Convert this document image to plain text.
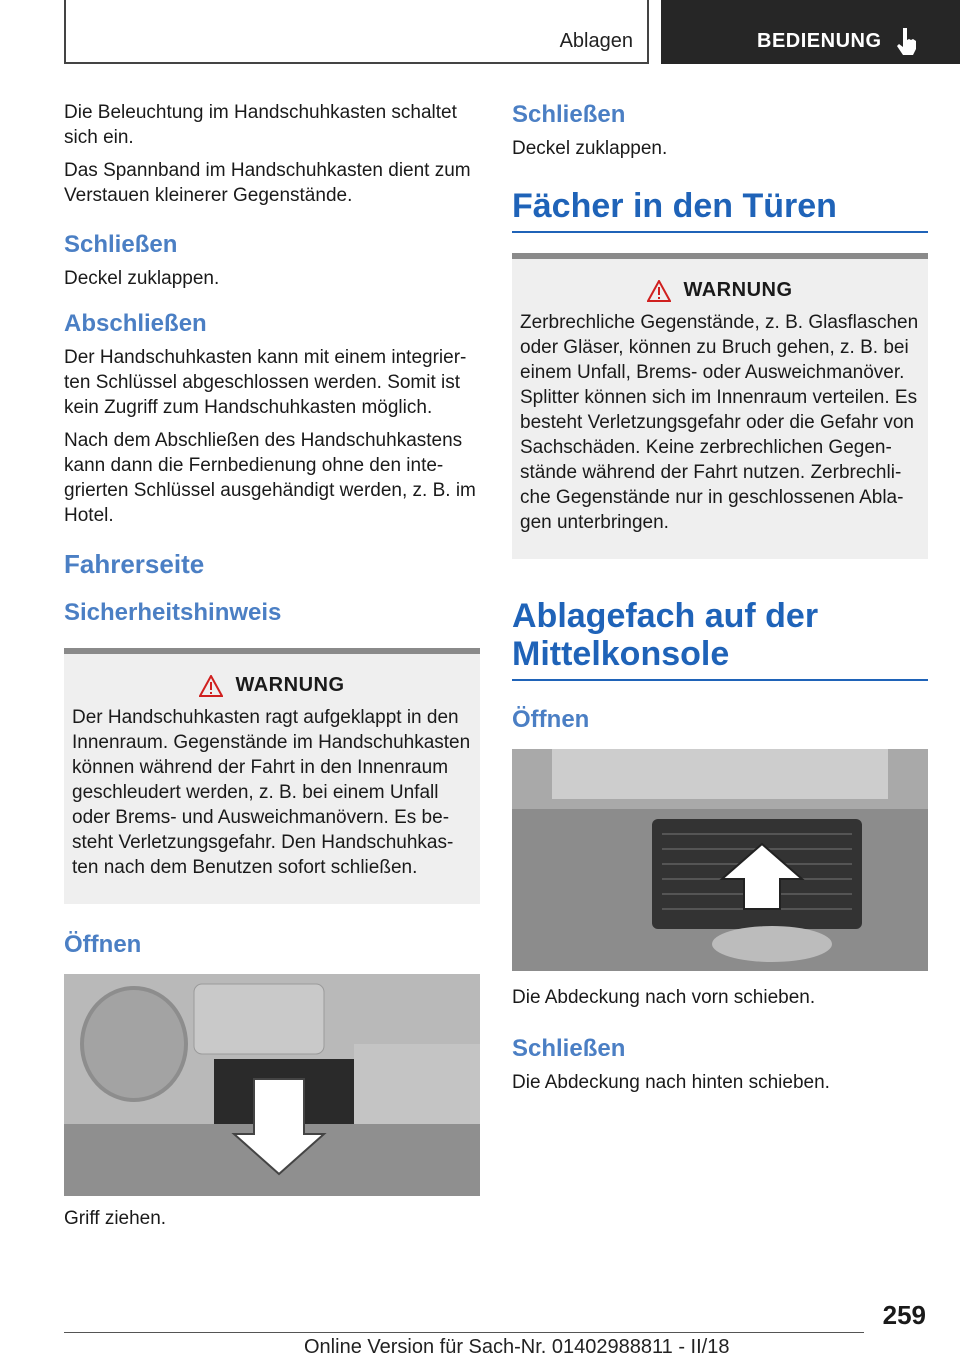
Ablagen	BEDIENUNG

Die Beleuchtung im Handschuhkasten schaltet sich ein.

Das Spannband im Handschuhkasten dient zum Verstauen kleinerer Gegenstände.

Schließen

Deckel zuklappen.

Abschließen

Der Handschuhkasten kann mit einem integrierten Schlüssel abgeschlossen werden. Somit ist kein Zugriff zum Handschuhkasten möglich.

Nach dem Abschließen des Handschuhkastens kann dann die Fernbedienung ohne den integrierten Schlüssel ausgehändigt werden, z. B. im Hotel.

Fahrerseite
Sicherheitshinweis
WARNUNG

Der Handschuhkasten ragt aufgeklappt in den Innenraum. Gegenstände im Handschuhkasten können während der Fahrt in den Innenraum geschleudert werden, z. B. bei einem Unfall oder Brems- und Ausweichmanövern. Es besteht Verletzungsgefahr. Den Handschuhkasten nach dem Benutzen sofort schließen.

Öffnen

Griff ziehen.

Schließen

Deckel zuklappen.

Fächer in den Türen
WARNUNG

Zerbrechliche Gegenstände, z. B. Glasflaschen oder Gläser, können zu Bruch gehen, z. B. bei einem Unfall, Brems- oder Ausweichmanöver. Splitter können sich im Innenraum verteilen. Es besteht Verletzungsgefahr oder die Gefahr von Sachschäden. Keine zerbrechlichen Gegenstände während der Fahrt nutzen. Zerbrechliche Gegenstände nur in geschlossenen Ablagen unterbringen.

Ablagefach auf der Mittelkonsole
Öffnen

Die Abdeckung nach vorn schieben.

Schließen

Die Abdeckung nach hinten schieben.

259
Online Version für Sach-Nr. 01402988811 - II/18
